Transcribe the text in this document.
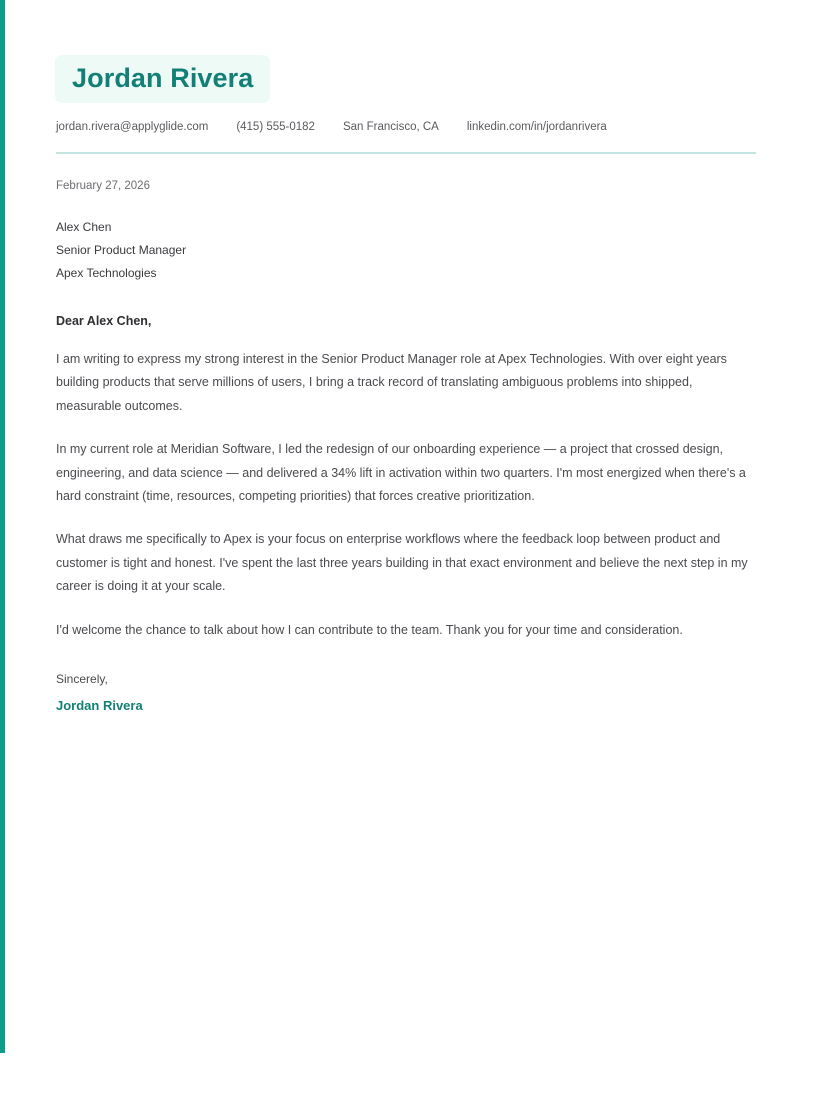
Jordan Rivera
jordan.rivera@applyglide.com (415) 555-0182 San Francisco, CA linkedin.com/in/jordanrivera
February 27, 2026
Alex Chen
Senior Product Manager
Apex Technologies
Dear Alex Chen,
I am writing to express my strong interest in the Senior Product Manager role at Apex Technologies. With over eight years building products that serve millions of users, I bring a track record of translating ambiguous problems into shipped, measurable outcomes.
In my current role at Meridian Software, I led the redesign of our onboarding experience — a project that crossed design, engineering, and data science — and delivered a 34% lift in activation within two quarters. I'm most energized when there's a hard constraint (time, resources, competing priorities) that forces creative prioritization.
What draws me specifically to Apex is your focus on enterprise workflows where the feedback loop between product and customer is tight and honest. I've spent the last three years building in that exact environment and believe the next step in my career is doing it at your scale.
I'd welcome the chance to talk about how I can contribute to the team. Thank you for your time and consideration.
Sincerely,
Jordan Rivera
